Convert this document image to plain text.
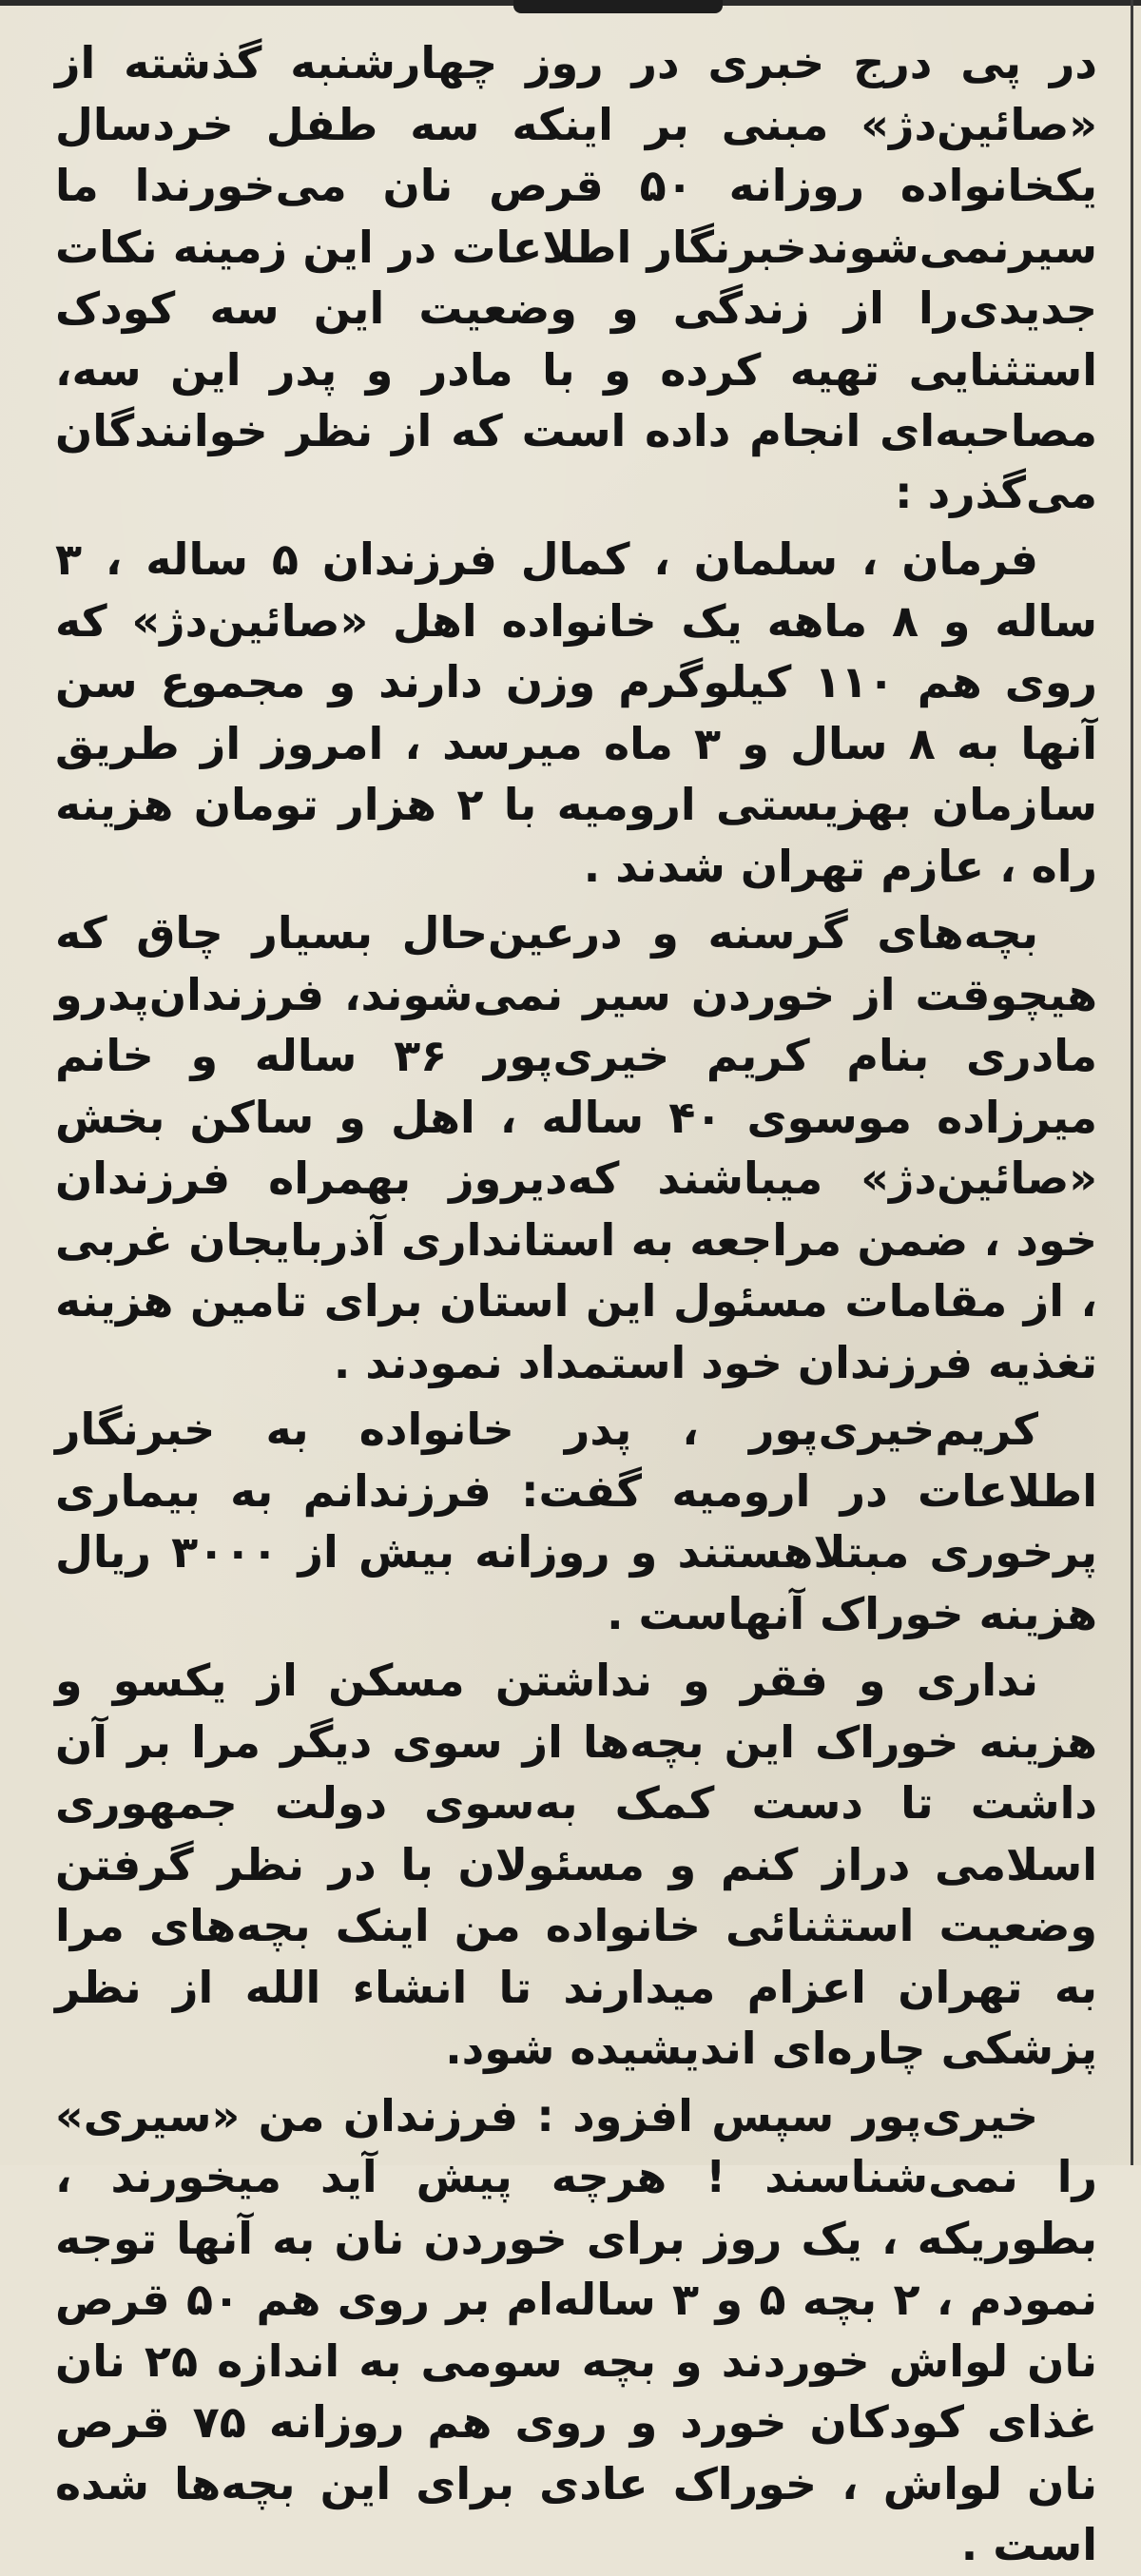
در پی درج خبری در روز چهارشنبه گذشته از «صائین‌دژ» مبنی بر اینکه سه طفل خردسال یکخانواده روزانه ۵۰ قرص نان می‌خورندا ما سیرنمی‌شوندخبرنگار اطلاعات در این زمینه نکات جدیدی‌را از زندگی و وضعیت این سه کودک استثنایی تهیه کرده و با مادر و پدر این سه، مصاحبه‌ای انجام داده است که از نظر خوانندگان می‌گذرد :

فرمان ، سلمان ، کمال فرزندان ۵ ساله ، ۳ ساله و ۸ ماهه یک خانواده اهل «صائین‌دژ» که روی هم ۱۱۰ کیلوگرم وزن دارند و مجموع سن آنها به ۸ سال و ۳ ماه میرسد ، امروز از طریق سازمان بهزیستی ارومیه با ۲ هزار تومان هزینه راه ، عازم تهران شدند .

بچه‌های گرسنه و درعین‌حال بسیار چاق که هیچوقت از خوردن سیر نمی‌شوند، فرزندان‌پدرو مادری بنام کریم خیری‌پور ۳۶ ساله و خانم میرزاده موسوی ۴۰ ساله ، اهل و ساکن بخش «صائین‌دژ» میباشند که‌دیروز بهمراه فرزندان خود ، ضمن مراجعه به استانداری آذربایجان غربی ، از مقامات مسئول این استان برای تامین هزینه تغذیه فرزندان خود استمداد نمودند .

کریم‌خیری‌پور ، پدر خانواده به خبرنگار اطلاعات در ارومیه گفت: فرزندانم به بیماری پرخوری مبتلاهستند و روزانه بیش از ۳۰۰۰ ریال هزینه خوراک آنهاست .

نداری و فقر و نداشتن مسکن از یکسو و هزینه خوراک این بچه‌ها از سوی دیگر مرا بر آن داشت تا دست کمک به‌سوی دولت جمهوری اسلامی دراز کنم و مسئولان با در نظر گرفتن وضعیت استثنائی خانواده من اینک بچه‌های مرا به تهران اعزام میدارند تا انشاء الله از نظر پزشکی چاره‌ای اندیشیده شود.

خیری‌پور سپس افزود : فرزندان من «سیری» را نمی‌شناسند ! هرچه پیش آید میخورند ، بطوریکه ، یک روز برای خوردن نان به آنها توجه نمودم ، ۲ بچه ۵ و ۳ ساله‌ام بر روی هم ۵۰ قرص نان لواش خوردند و بچه سومی به اندازه ۲۵ نان غذای کودکان خورد و روی هم روزانه ۷۵ قرص نان لواش ، خوراک عادی برای این بچه‌ها شده است .
